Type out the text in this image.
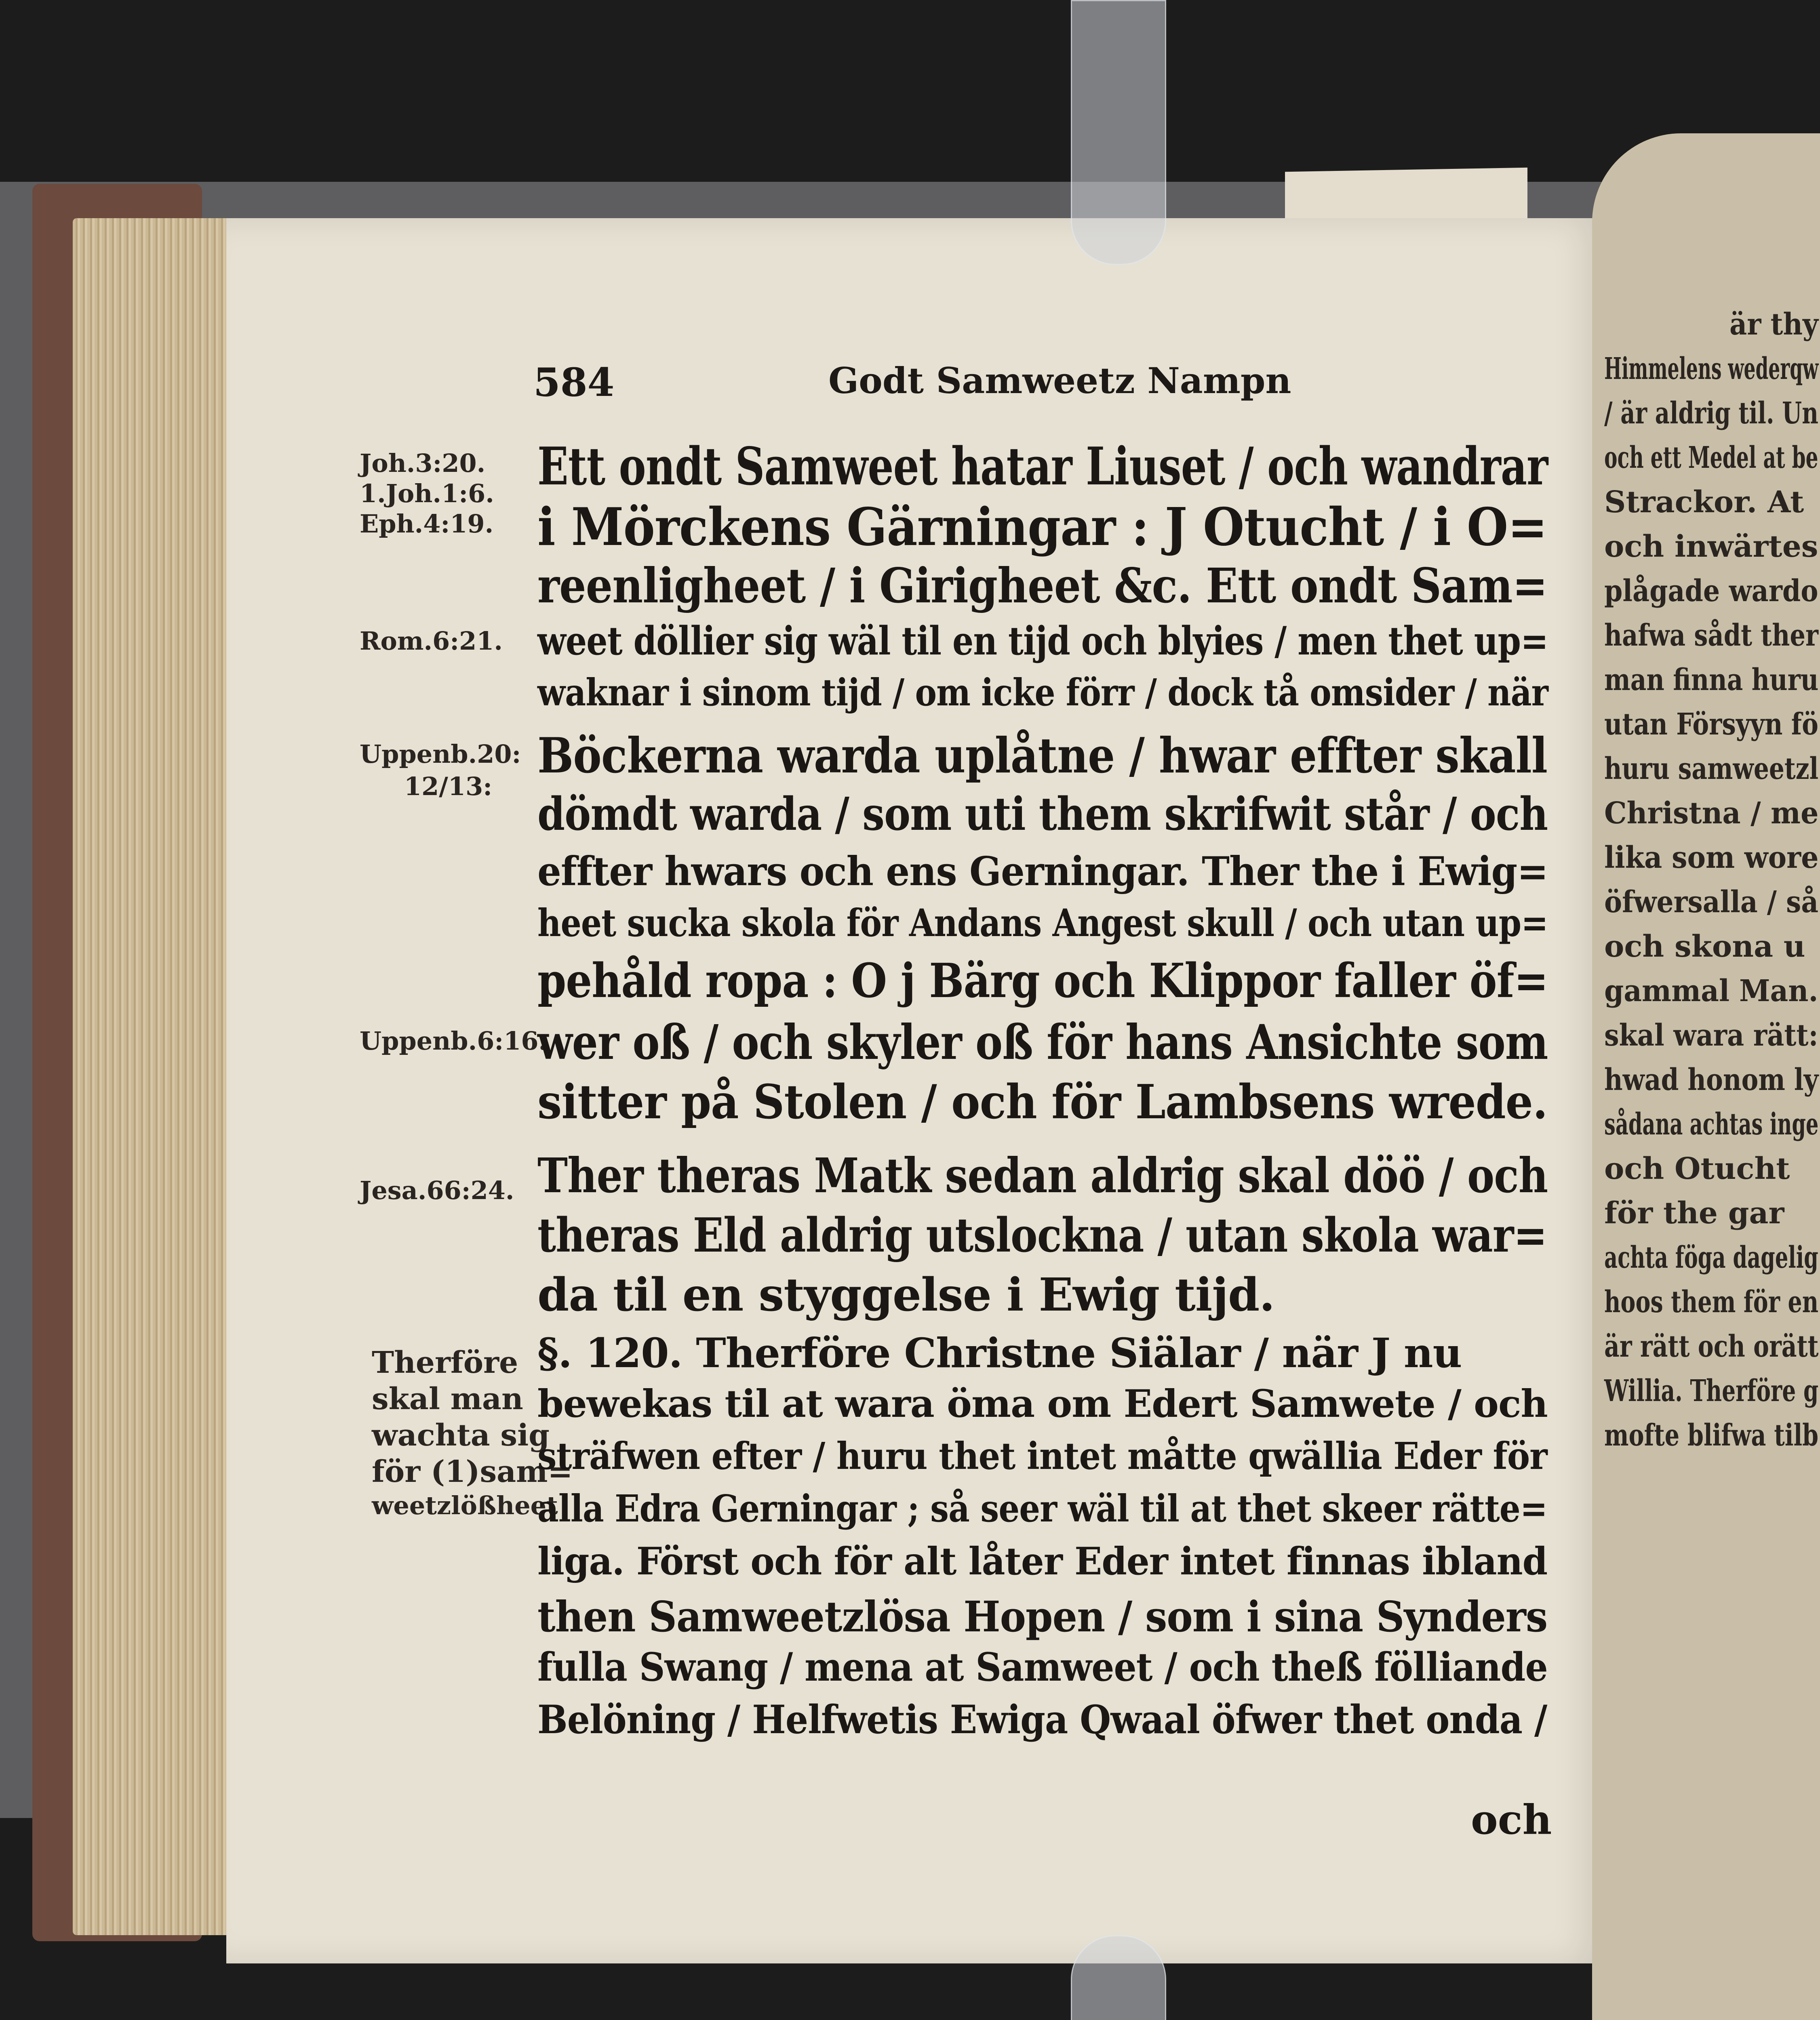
är thy
Himmelens wederqw
/ är aldrig til. Un
och ett Medel at be
Strackor. At
och inwärtes
plågade wardo
hafwa sådt ther
man finna huru
utan Försyyn fö
huru samweetzl
Christna / me
lika som wore
öfwersalla / så
och skona u
gammal Man.
skal wara rätt:
hwad honom ly
sådana achtas inge
och Otucht
för the gar
achta föga dagelig
hoos them för en
är rätt och orätt
Willia. Therföre g
mofte blifwa tilb
584	Godt Samweetz Nampn
Joh.3:20.
1.Joh.1:6.
Eph.4:19.
Rom.6:21.
Uppenb.20:
12/13:
Uppenb.6:16.
Jesa.66:24.
Therföre
skal man
wachta sig
för (1)sam=
weetzlößheet
Ett ondt Samweet hatar Liuset / och wandrar
i Mörckens Gärningar : J Otucht / i O=
reenligheet / i Girigheet &c. Ett ondt Sam=
weet döllier sig wäl til en tijd och blyies / men thet up=
waknar i sinom tijd / om icke förr / dock tå omsider / när
Böckerna warda uplåtne / hwar effter skall
dömdt warda / som uti them skrifwit står / och
effter hwars och ens Gerningar. Ther the i Ewig=
heet sucka skola för Andans Angest skull / och utan up=
pehåld ropa : O j Bärg och Klippor faller öf=
wer oß / och skyler oß för hans Ansichte som
sitter på Stolen / och för Lambsens wrede.
Ther theras Matk sedan aldrig skal döö / och
theras Eld aldrig utslockna / utan skola war=
da til en styggelse i Ewig tijd.
§. 120. Therföre Christne Siälar / när J nu
bewekas til at wara öma om Edert Samwete / och
sträfwen efter / huru thet intet måtte qwällia Eder för
alla Edra Gerningar ; så seer wäl til at thet skeer rätte=
liga. Först och för alt låter Eder intet finnas ibland
then Samweetzlösa Hopen / som i sina Synders
fulla Swang / mena at Samweet / och theß fölliande
Belöning / Helfwetis Ewiga Qwaal öfwer thet onda /
och
